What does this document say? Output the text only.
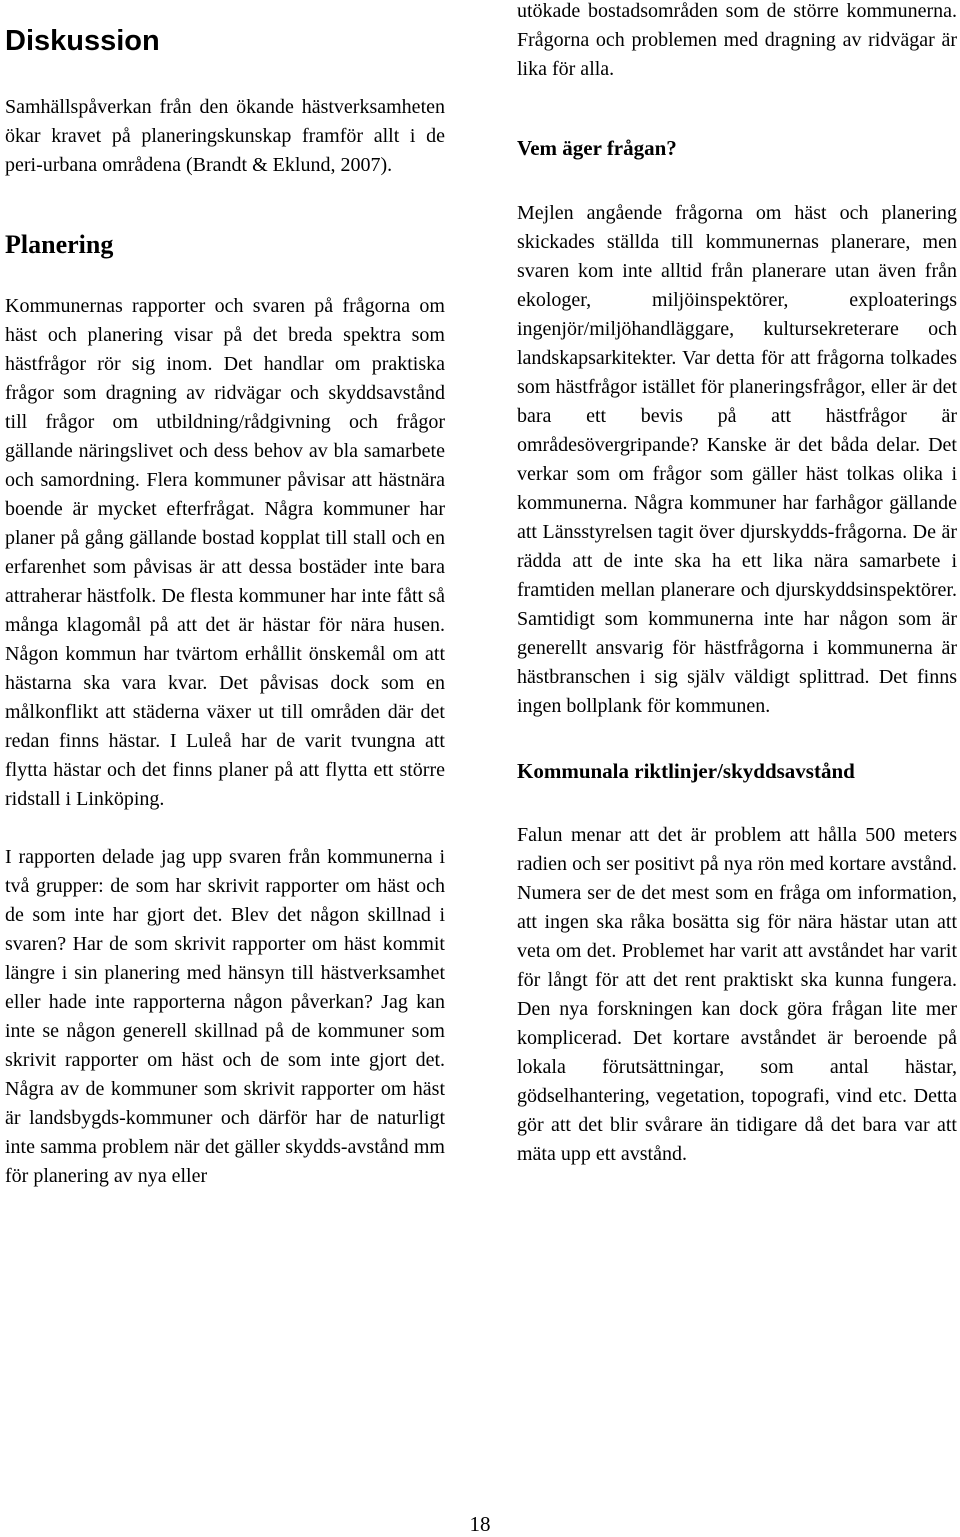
Diskussion

Samhällspåverkan från den ökande hästverksamheten ökar kravet på planeringskunskap framför allt i de peri-urbana områdena (Brandt & Eklund, 2007).

Planering

Kommunernas rapporter och svaren på frågorna om häst och planering visar på det breda spektra som hästfrågor rör sig inom. Det handlar om praktiska frågor som dragning av ridvägar och skyddsavstånd till frågor om utbildning/rådgivning och frågor gällande näringslivet och dess behov av bla samarbete och samordning. Flera kommuner påvisar att hästnära boende är mycket efterfrågat. Några kommuner har planer på gång gällande bostad kopplat till stall och en erfarenhet som påvisas är att dessa bostäder inte bara attraherar hästfolk. De flesta kommuner har inte fått så många klagomål på att det är hästar för nära husen. Någon kommun har tvärtom erhållit önskemål om att hästarna ska vara kvar. Det påvisas dock som en målkonflikt att städerna växer ut till områden där det redan finns hästar. I Luleå har de varit tvungna att flytta hästar och det finns planer på att flytta ett större ridstall i Linköping.

I rapporten delade jag upp svaren från kommunerna i två grupper: de som har skrivit rapporter om häst och de som inte har gjort det. Blev det någon skillnad i svaren? Har de som skrivit rapporter om häst kommit längre i sin planering med hänsyn till hästverksamhet eller hade inte rapporterna någon påverkan? Jag kan inte se någon generell skillnad på de kommuner som skrivit rapporter om häst och de som inte gjort det. Några av de kommuner som skrivit rapporter om häst är landsbygds-kommuner och därför har de naturligt inte samma problem när det gäller skydds-avstånd mm för planering av nya eller

utökade bostadsområden som de större kommunerna. Frågorna och problemen med dragning av ridvägar är lika för alla.

Vem äger frågan?

Mejlen angående frågorna om häst och planering skickades ställda till kommunernas planerare, men svaren kom inte alltid från planerare utan även från ekologer, miljöinspektörer, exploaterings ingenjör/miljöhandläggare, kultursekreterare och landskapsarkitekter. Var detta för att frågorna tolkades som hästfrågor istället för planeringsfrågor, eller är det bara ett bevis på att hästfrågor är områdesövergripande? Kanske är det båda delar. Det verkar som om frågor som gäller häst tolkas olika i kommunerna. Några kommuner har farhågor gällande att Länsstyrelsen tagit över djurskydds-frågorna. De är rädda att de inte ska ha ett lika nära samarbete i framtiden mellan planerare och djurskyddsinspektörer. Samtidigt som kommunerna inte har någon som är generellt ansvarig för hästfrågorna i kommunerna är hästbranschen i sig själv väldigt splittrad. Det finns ingen bollplank för kommunen.

Kommunala riktlinjer/skyddsavstånd

Falun menar att det är problem att hålla 500 meters radien och ser positivt på nya rön med kortare avstånd. Numera ser de det mest som en fråga om information, att ingen ska råka bosätta sig för nära hästar utan att veta om det. Problemet har varit att avståndet har varit för långt för att det rent praktiskt ska kunna fungera. Den nya forskningen kan dock göra frågan lite mer komplicerad. Det kortare avståndet är beroende på lokala förutsättningar, som antal hästar, gödselhantering, vegetation, topografi, vind etc. Detta gör att det blir svårare än tidigare då det bara var att mäta upp ett avstånd.

18
